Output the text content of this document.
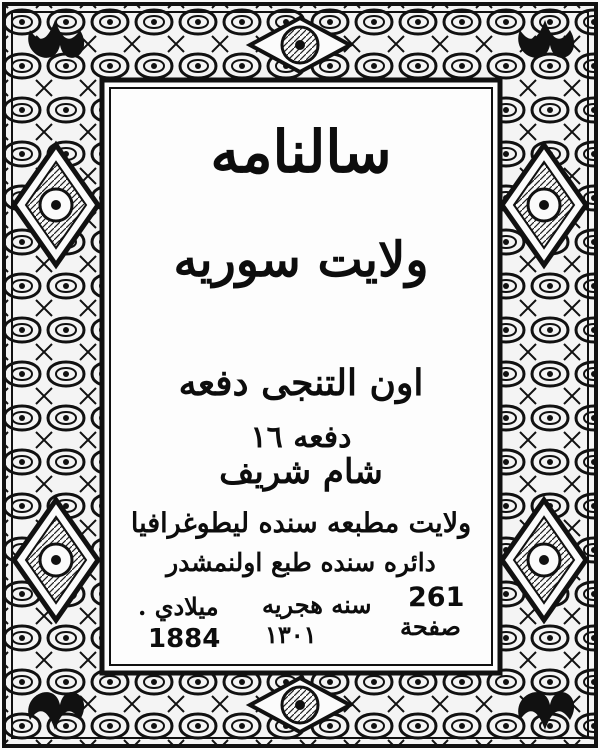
سالنامه
ولايت سوريه
اون التنجى دفعه
دفعه ١٦
شام شريف
ولايت مطبعه سنده ليطوغرافيا
دائره سنده طبع اولنمشدر
261
صفحة
سنه هجريه
١٣٠١
ميلادي .
1884
